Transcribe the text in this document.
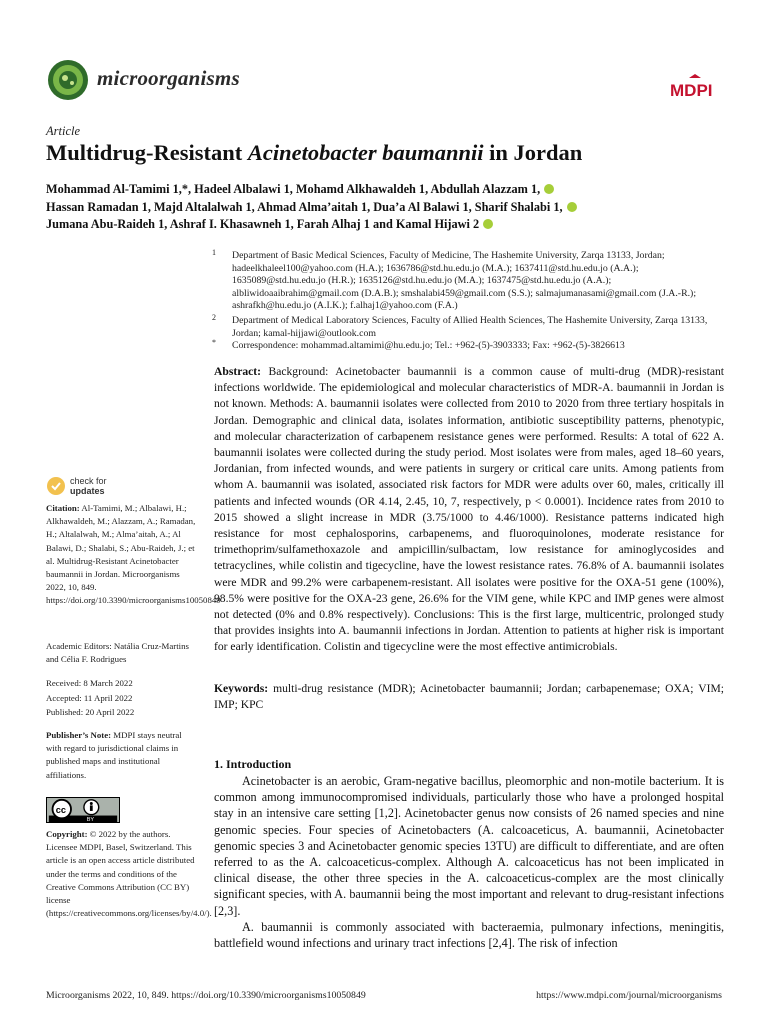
microorganisms
MDPI
Article
Multidrug-Resistant Acinetobacter baumannii in Jordan
Mohammad Al-Tamimi 1,*, Hadeel Albalawi 1, Mohamd Alkhawaldeh 1, Abdullah Alazzam 1,
Hassan Ramadan 1, Majd Altalalwah 1, Ahmad Alma’aitah 1, Dua’a Al Balawi 1, Sharif Shalabi 1,
Jumana Abu-Raideh 1, Ashraf I. Khasawneh 1, Farah Alhaj 1 and Kamal Hijawi 2
1	Department of Basic Medical Sciences, Faculty of Medicine, The Hashemite University, Zarqa 13133, Jordan; hadeelkhaleel100@yahoo.com (H.A.); 1636786@std.hu.edu.jo (M.A.); 1637411@std.hu.edu.jo (A.A.); 1635089@std.hu.edu.jo (H.R.); 1635126@std.hu.edu.jo (M.A.); 1637475@std.hu.edu.jo (A.A.); albliwidoaaibrahim@gmail.com (D.A.B.); smshalabi459@gmail.com (S.S.); salmajumanasami@gmail.com (J.A.-R.); ashrafkh@hu.edu.jo (A.I.K.); f.alhaj1@yahoo.com (F.A.)
2	Department of Medical Laboratory Sciences, Faculty of Allied Health Sciences, The Hashemite University, Zarqa 13133, Jordan; kamal-hijjawi@outlook.com
*	Correspondence: mohammad.altamimi@hu.edu.jo; Tel.: +962-(5)-3903333; Fax: +962-(5)-3826613
Abstract: Background: Acinetobacter baumannii is a common cause of multi-drug (MDR)-resistant infections worldwide. The epidemiological and molecular characteristics of MDR-A. baumannii in Jordan is not known. Methods: A. baumannii isolates were collected from 2010 to 2020 from three tertiary hospitals in Jordan. Demographic and clinical data, isolates information, antibiotic susceptibility patterns, phenotypic, and molecular characterization of carbapenem resistance genes were performed. Results: A total of 622 A. baumannii isolates were collected during the study period. Most isolates were from males, aged 18–60 years, Jordanian, from infected wounds, and were patients in surgery or critical care units. Among patients from whom A. baumannii was isolated, associated risk factors for MDR were adults over 60, males, critically ill patients and infected wounds (OR 4.14, 2.45, 10, 7, respectively, p < 0.0001). Incidence rates from 2010 to 2015 showed a slight increase in MDR (3.75/1000 to 4.46/1000). Resistance patterns indicated high resistance for most cephalosporins, carbapenems, and fluoroquinolones, moderate resistance for trimethoprim/sulfamethoxazole and ampicillin/sulbactam, low resistance for aminoglycosides and tetracyclines, while colistin and tigecycline, have the lowest resistance rates. 76.8% of A. baumannii isolates were MDR and 99.2% were carbapenem-resistant. All isolates were positive for the OXA-51 gene (100%), 98.5% were positive for the OXA-23 gene, 26.6% for the VIM gene, while KPC and IMP genes were almost not detected (0% and 0.8% respectively). Conclusions: This is the first large, multicentric, prolonged study that provides insights into A. baumannii infections in Jordan. Attention to patients at higher risk is important for early identification. Colistin and tigecycline were the most effective antimicrobials.
Keywords: multi-drug resistance (MDR); Acinetobacter baumannii; Jordan; carbapenemase; OXA; VIM; IMP; KPC
1. Introduction

Acinetobacter is an aerobic, Gram-negative bacillus, pleomorphic and non-motile bacterium. It is common among immunocompromised individuals, particularly those who have a prolonged hospital stay in an intensive care setting [1,2]. Acinetobacter genus now consists of 26 named species and nine genomic species. Four species of Acinetobacters (A. calcoaceticus, A. baumannii, Acinetobacter genomic species 3 and Acinetobacter genomic species 13TU) are difficult to differentiate, and are often referred to as the A. calcoaceticus-complex. Although A. calcoaceticus has not been implicated in clinical disease, the other three species in the A. calcoaceticus-complex are the most clinically significant species, with A. baumannii being the most important and relevant to drug-resistant infections [2,3].

A. baumannii is commonly associated with bacteraemia, pulmonary infections, meningitis, battlefield wound infections and urinary tract infections [2,4]. The risk of infection

check for
updates
Citation: Al-Tamimi, M.; Albalawi, H.; Alkhawaldeh, M.; Alazzam, A.; Ramadan, H.; Altalalwah, M.; Alma’aitah, A.; Al Balawi, D.; Shalabi, S.; Abu-Raideh, J.; et al. Multidrug-Resistant Acinetobacter baumannii in Jordan. Microorganisms 2022, 10, 849. https://doi.org/10.3390/microorganisms10050849
Academic Editors: Natália Cruz-Martins and Célia F. Rodrigues
Received: 8 March 2022
Accepted: 11 April 2022
Published: 20 April 2022
Publisher’s Note: MDPI stays neutral with regard to jurisdictional claims in published maps and institutional affiliations.
cc
BY
Copyright: © 2022 by the authors. Licensee MDPI, Basel, Switzerland. This article is an open access article distributed under the terms and conditions of the Creative Commons Attribution (CC BY) license (https://creativecommons.org/licenses/by/4.0/).
Microorganisms 2022, 10, 849. https://doi.org/10.3390/microorganisms10050849	https://www.mdpi.com/journal/microorganisms
